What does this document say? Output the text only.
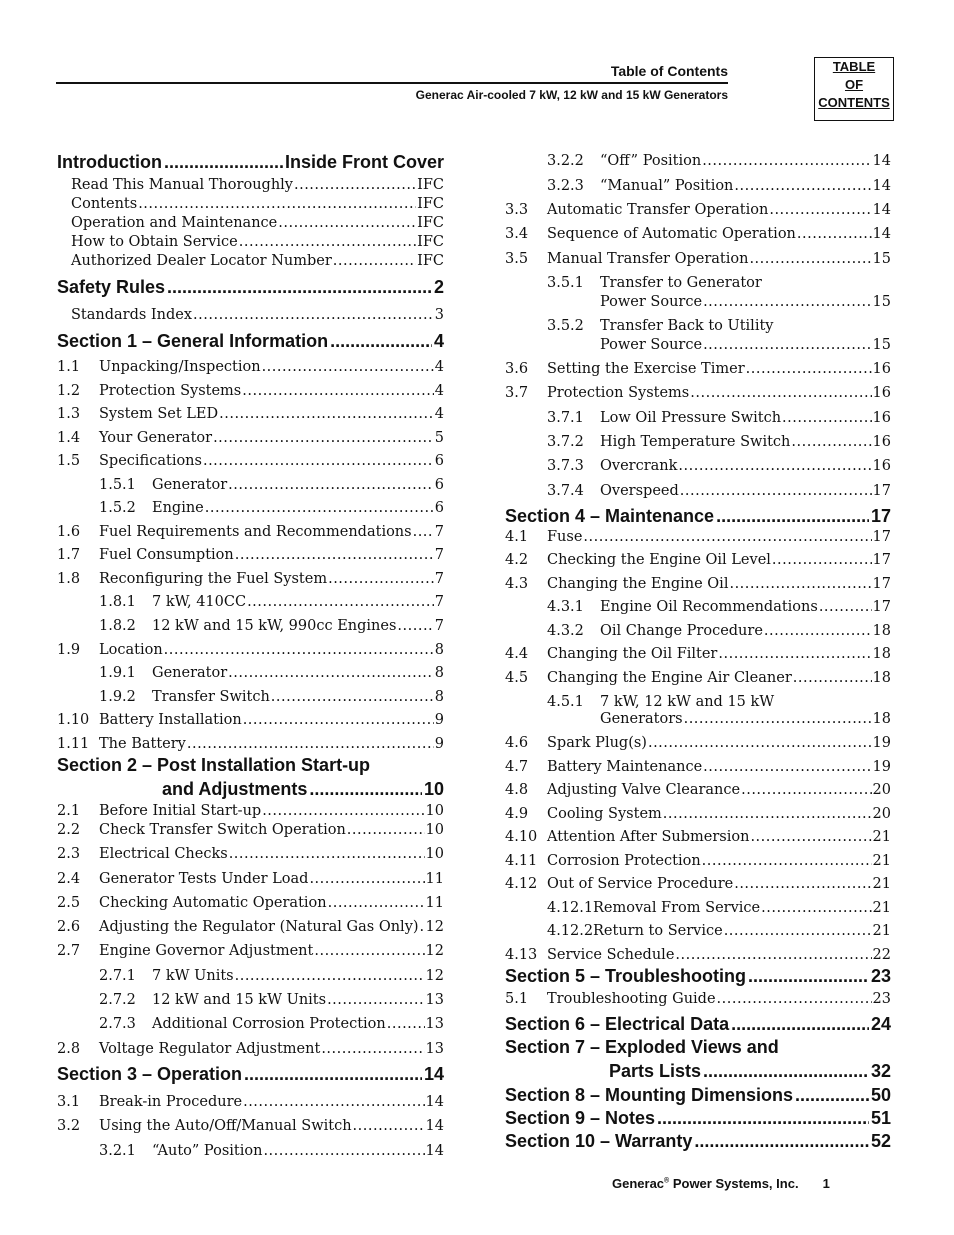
Table of Contents
Generac Air-cooled 7 kW, 12 kW and 15 kW Generators
TABLE
OF
CONTENTS
Introduction .....	Inside Front Cover
Read This Manual Thoroughly .....	IFC
Contents .....	IFC
Operation and Maintenance .....	IFC
How to Obtain Service .....	IFC
Authorized Dealer Locator Number .....	IFC
Safety Rules .....	2
Standards Index .....	3
Section 1 – General Information .....	4
1.1	Unpacking/Inspection .....	4
1.2	Protection Systems .....	4
1.3	System Set LED .....	4
1.4	Your Generator .....	5
1.5	Specifications .....	6
1.5.1	Generator .....	6
1.5.2	Engine .....	6
1.6	Fuel Requirements and Recommendations ..... 7
1.7	Fuel Consumption .....	7
1.8	Reconfiguring the Fuel System .....	7
1.8.1	7 kW, 410CC .....	7
1.8.2	12 kW and 15 kW, 990cc Engines .....	7
1.9	Location .....	8
1.9.1	Generator .....	8
1.9.2	Transfer Switch .....	8
1.10 Battery Installation .....	9
1.11 The Battery .....	9
Section 2 – Post Installation Start-up
and Adjustments .....	10
2.1	Before Initial Start-up .....	10
2.2	Check Transfer Switch Operation .....	10
2.3	Electrical Checks .....	10
2.4	Generator Tests Under Load .....	11
2.5	Checking Automatic Operation .....	11
2.6	Adjusting the Regulator (Natural Gas Only) ..... 12
2.7	Engine Governor Adjustment .....	12
2.7.1	7 kW Units .....	12
2.7.2	12 kW and 15 kW Units .....	13
2.7.3	Additional Corrosion Protection .....	13
2.8	Voltage Regulator Adjustment .....	13
Section 3 – Operation .....	14
3.1	Break-in Procedure .....	14
3.2	Using the Auto/Off/Manual Switch .....	14
3.2.1	“Auto” Position .....	14
3.2.2	“Off” Position .....	14
3.2.3	“Manual” Position .....	14
3.3	Automatic Transfer Operation .....	14
3.4	Sequence of Automatic Operation .....	14
3.5	Manual Transfer Operation .....	15
3.5.1	Transfer to Generator
Power Source .....	15
3.5.2	Transfer Back to Utility
Power Source .....	15
3.6	Setting the Exercise Timer .....	16
3.7	Protection Systems .....	16
3.7.1	Low Oil Pressure Switch .....	16
3.7.2	High Temperature Switch .....	16
3.7.3	Overcrank .....	16
3.7.4	Overspeed .....	17
Section 4 – Maintenance .....	17
4.1	Fuse .....	17
4.2	Checking the Engine Oil Level .....	17
4.3	Changing the Engine Oil .....	17
4.3.1	Engine Oil Recommendations .....	17
4.3.2	Oil Change Procedure .....	18
4.4	Changing the Oil Filter .....	18
4.5	Changing the Engine Air Cleaner .....	18
4.5.1	7 kW, 12 kW and 15 kW
Generators .....	18
4.6	Spark Plug(s) .....	19
4.7	Battery Maintenance .....	19
4.8	Adjusting Valve Clearance .....	20
4.9	Cooling System .....	20
4.10 Attention After Submersion .....	21
4.11 Corrosion Protection .....	21
4.12 Out of Service Procedure .....	21
4.12.1 Removal From Service .....	21
4.12.2 Return to Service .....	21
4.13 Service Schedule .....	22
Section 5 – Troubleshooting .....	23
5.1	Troubleshooting Guide .....	23
Section 6 – Electrical Data .....	24
Section 7 – Exploded Views and
Parts Lists .....	32
Section 8 – Mounting Dimensions .....	50
Section 9 – Notes .....	51
Section 10 – Warranty .....	52
Generac® Power Systems, Inc. 1
